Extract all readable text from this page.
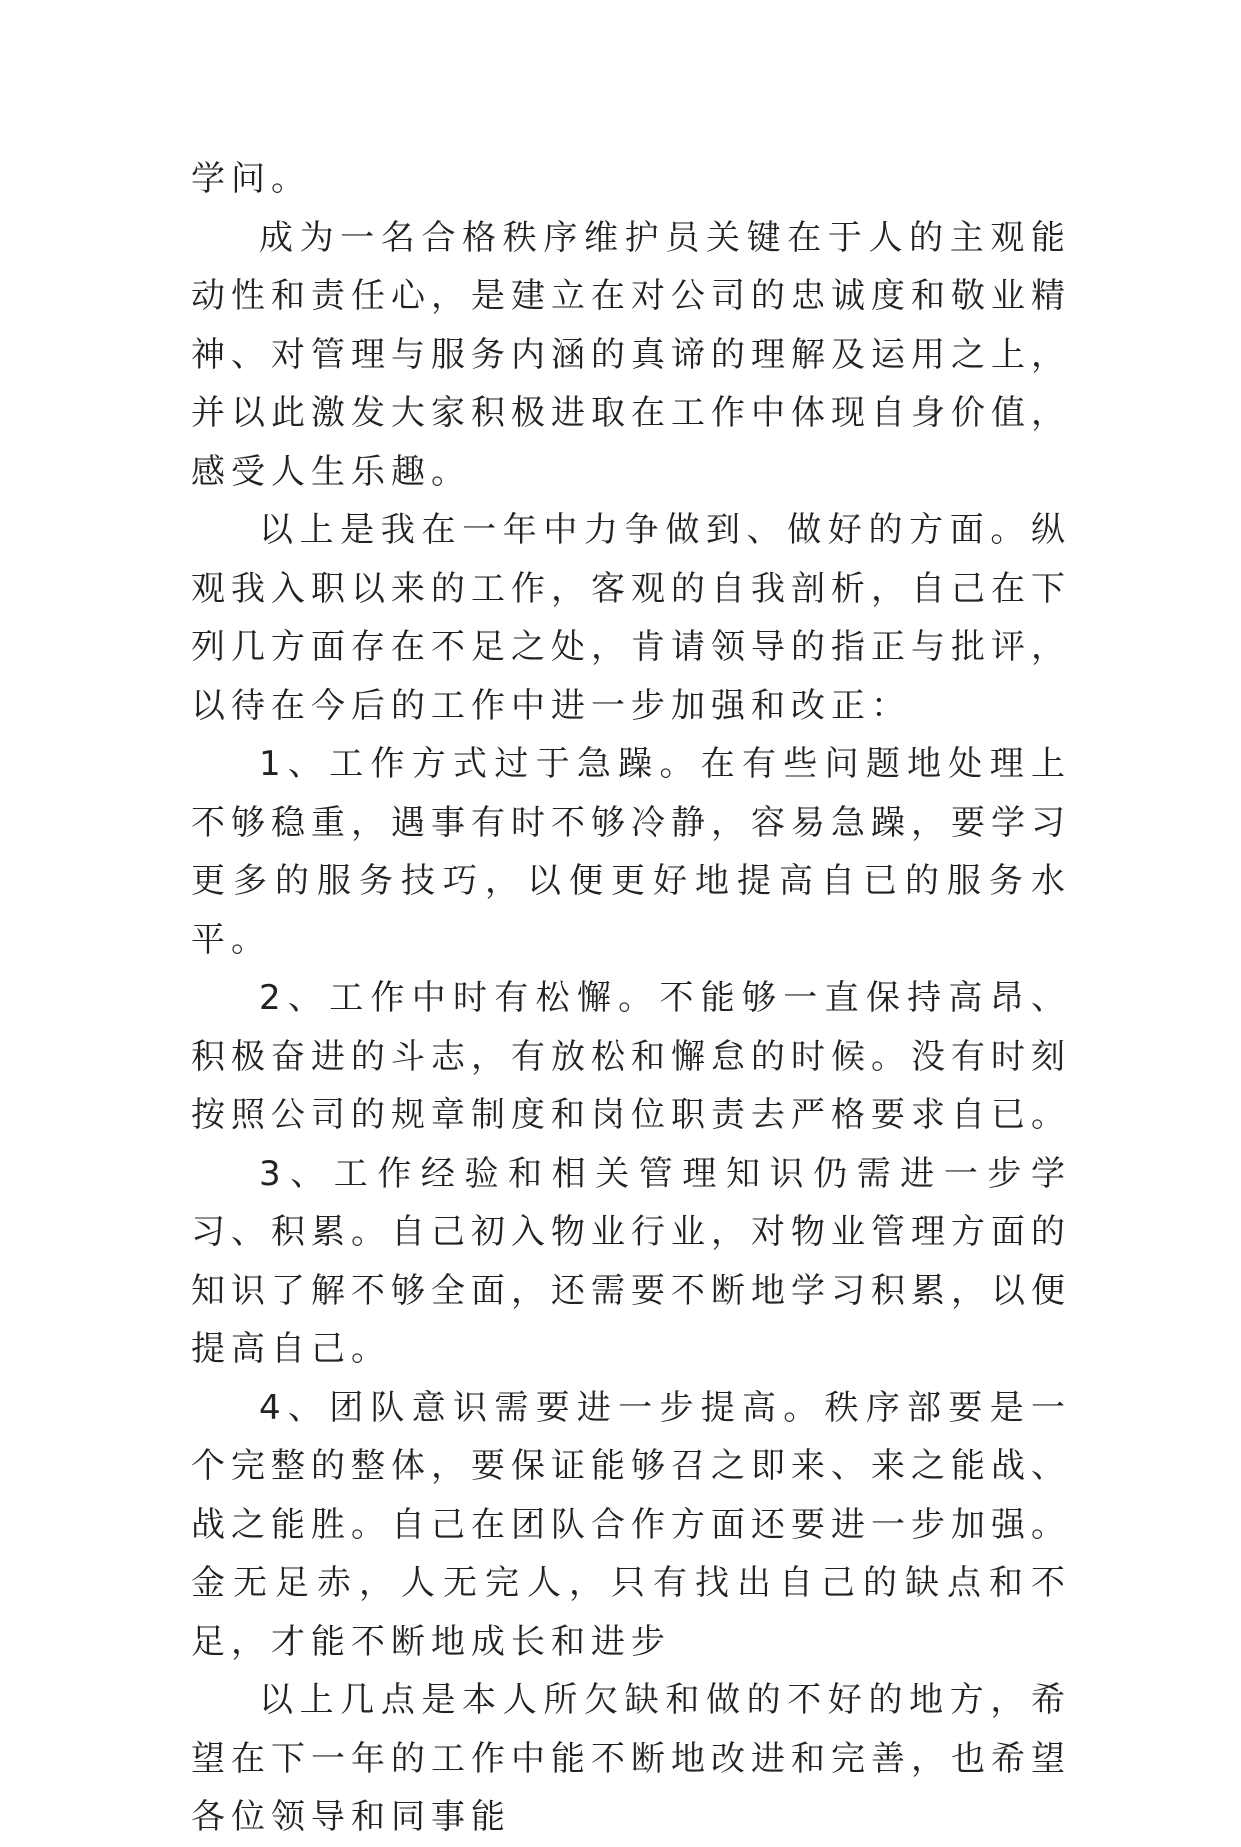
学问。

成为一名合格秩序维护员关键在于人的主观能动性和责任心，是建立在对公司的忠诚度和敬业精神、对管理与服务内涵的真谛的理解及运用之上，并以此激发大家积极进取在工作中体现自身价值，感受人生乐趣。

以上是我在一年中力争做到、做好的方面。纵观我入职以来的工作，客观的自我剖析，自己在下列几方面存在不足之处，肯请领导的指正与批评，以待在今后的工作中进一步加强和改正：

1、工作方式过于急躁。在有些问题地处理上不够稳重，遇事有时不够冷静，容易急躁，要学习更多的服务技巧，以便更好地提高自已的服务水平。

2、工作中时有松懈。不能够一直保持高昂、积极奋进的斗志，有放松和懈怠的时候。没有时刻按照公司的规章制度和岗位职责去严格要求自已。

3、工作经验和相关管理知识仍需进一步学习、积累。自己初入物业行业，对物业管理方面的知识了解不够全面，还需要不断地学习积累，以便提高自己。

4、团队意识需要进一步提高。秩序部要是一个完整的整体，要保证能够召之即来、来之能战、战之能胜。自己在团队合作方面还要进一步加强。金无足赤，人无完人，只有找出自己的缺点和不足，才能不断地成长和进步

以上几点是本人所欠缺和做的不好的地方，希望在下一年的工作中能不断地改进和完善，也希望各位领导和同事能
